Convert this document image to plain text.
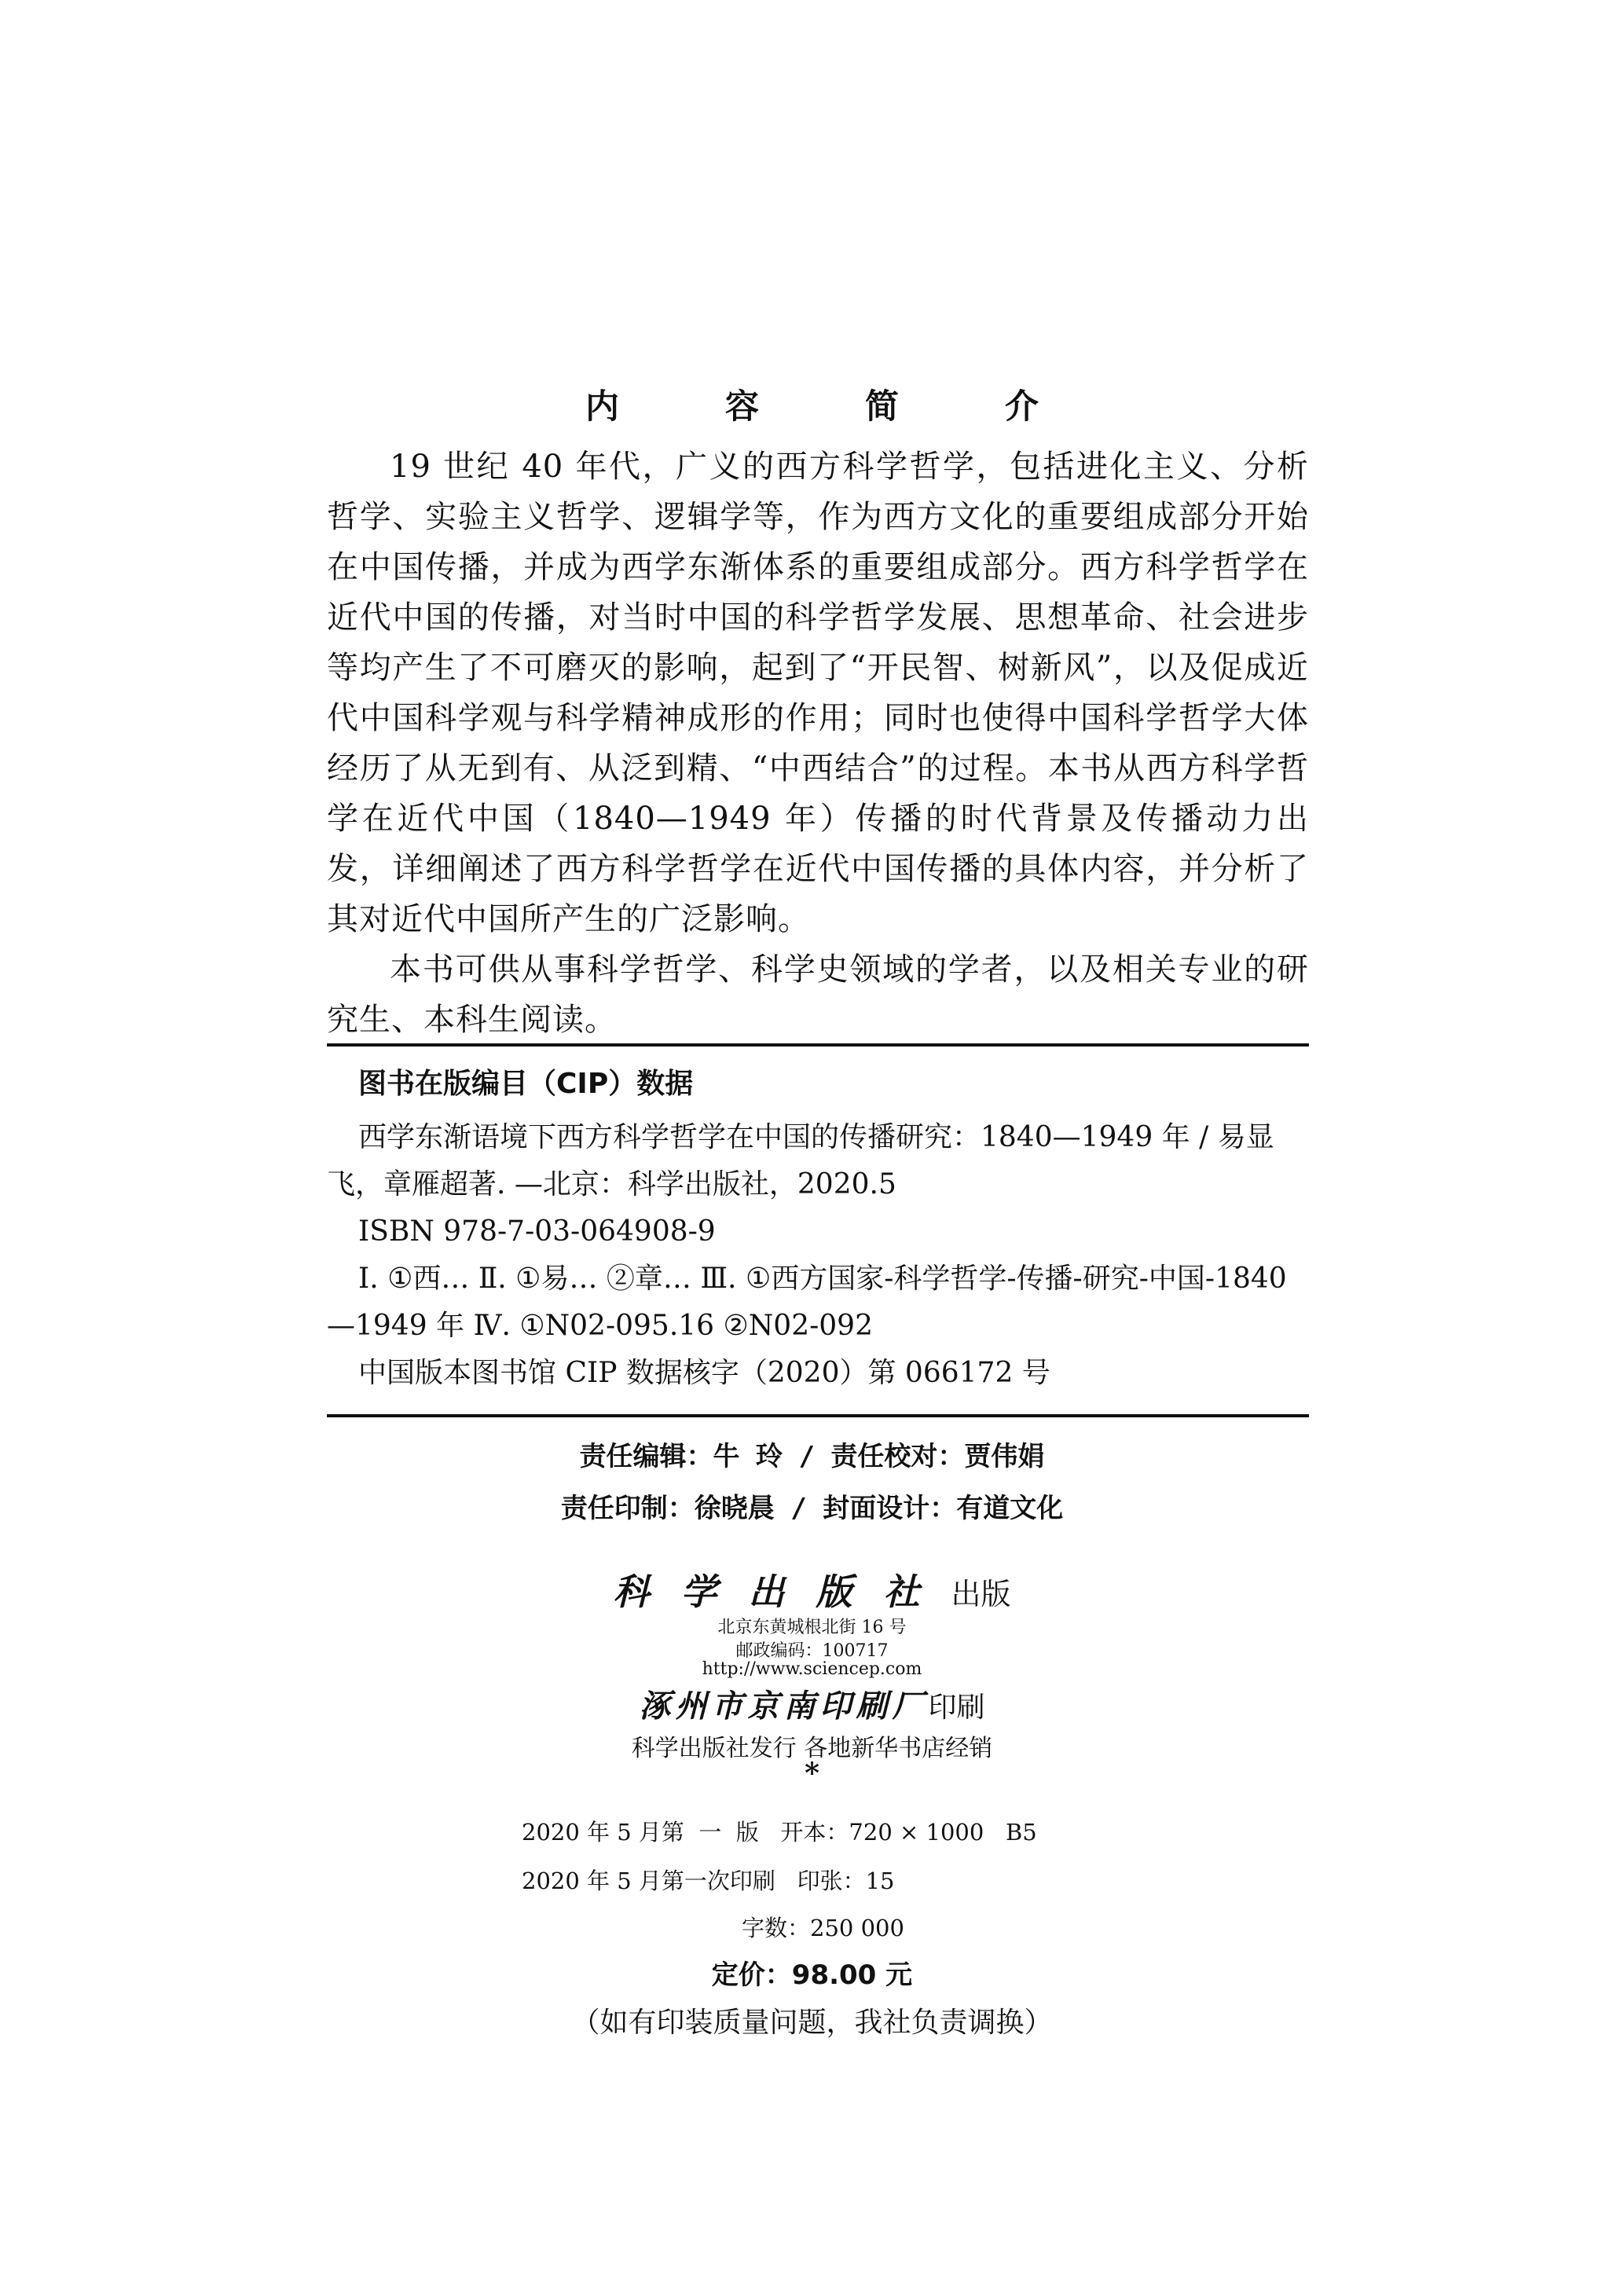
内 容 简 介

19 世纪 40 年代，广义的西方科学哲学，包括进化主义、分析哲学、实验主义哲学、逻辑学等，作为西方文化的重要组成部分开始在中国传播，并成为西学东渐体系的重要组成部分。西方科学哲学在近代中国的传播，对当时中国的科学哲学发展、思想革命、社会进步等均产生了不可磨灭的影响，起到了“开民智、树新风”，以及促成近代中国科学观与科学精神成形的作用；同时也使得中国科学哲学大体经历了从无到有、从泛到精、“中西结合”的过程。本书从西方科学哲学在近代中国（1840—1949 年）传播的时代背景及传播动力出发，详细阐述了西方科学哲学在近代中国传播的具体内容，并分析了其对近代中国所产生的广泛影响。

本书可供从事科学哲学、科学史领域的学者，以及相关专业的研究生、本科生阅读。

图书在版编目（CIP）数据

西学东渐语境下西方科学哲学在中国的传播研究：1840—1949 年 / 易显飞，章雁超著. —北京：科学出版社，2020.5

ISBN 978-7-03-064908-9

Ⅰ. ①西… Ⅱ. ①易… ②章… Ⅲ. ①西方国家-科学哲学-传播-研究-中国-1840—1949 年 Ⅳ. ①N02-095.16 ②N02-092

中国版本图书馆 CIP 数据核字（2020）第 066172 号

责任编辑：牛 玲 / 责任校对：贾伟娟
责任印制：徐晓晨 / 封面设计：有道文化
科学出版社出版
北京东黄城根北街 16 号
邮政编码：100717
http://www.sciencep.com
涿州市京南印刷厂印刷
科学出版社发行 各地新华书店经销
*
2020 年 5 月第  一  版   开本：720 × 1000   B5
2020 年 5 月第一次印刷   印张：15
字数：250 000
定价：98.00 元
（如有印装质量问题，我社负责调换）
